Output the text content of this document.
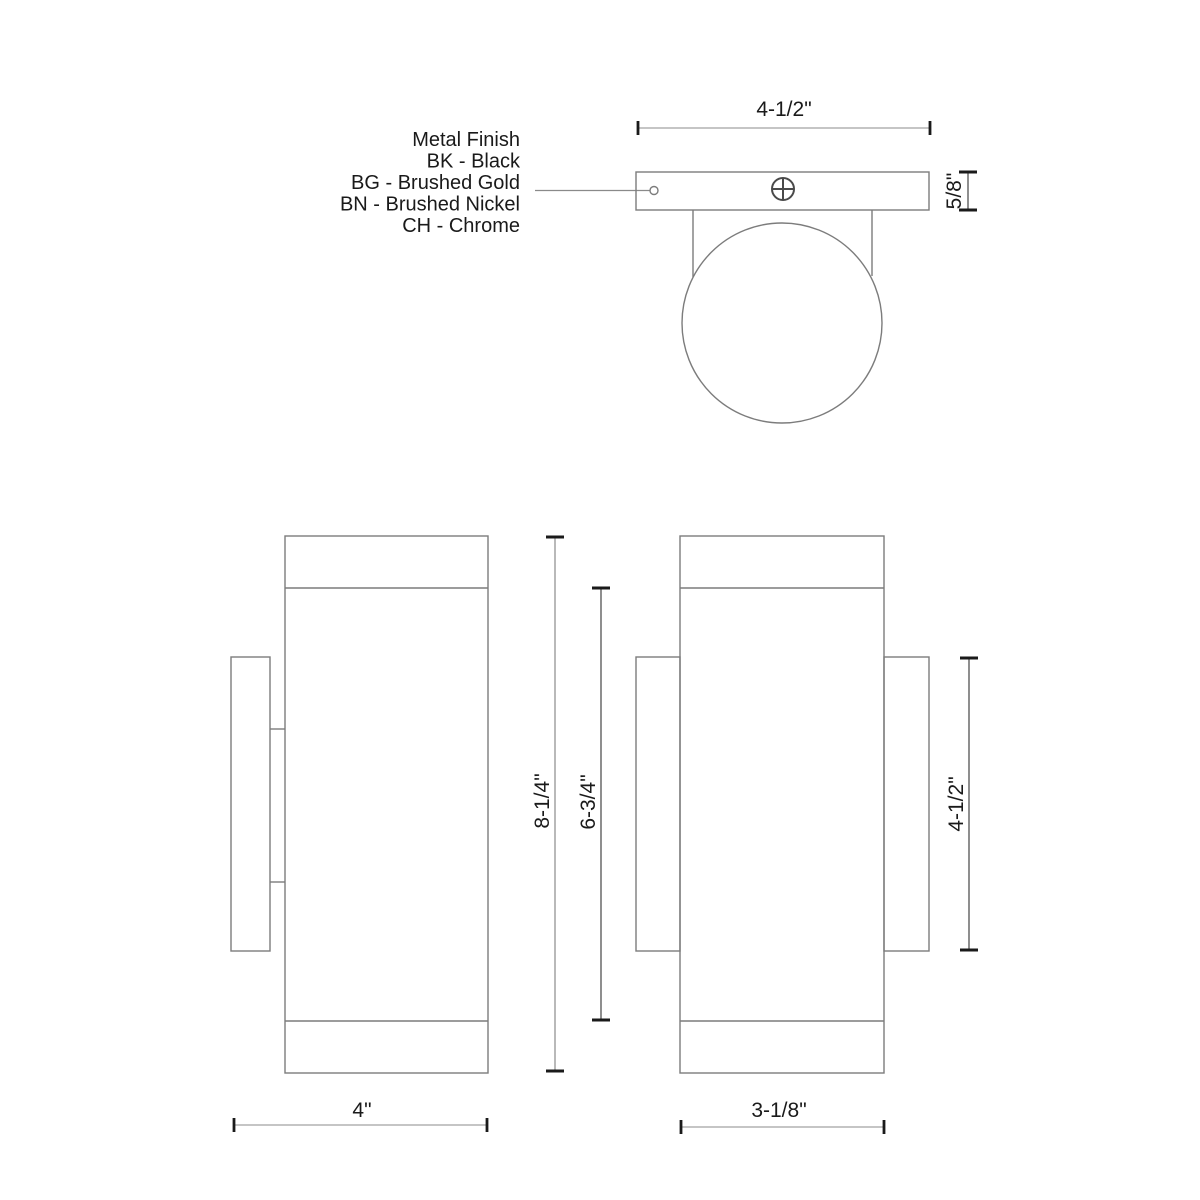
Metal Finish
BK - Black
BG - Brushed Gold
BN - Brushed Nickel
CH - Chrome
4-1/2"
5/8"
8-1/4" 6-3/4"
4"
4-1/2"
3-1/8"
